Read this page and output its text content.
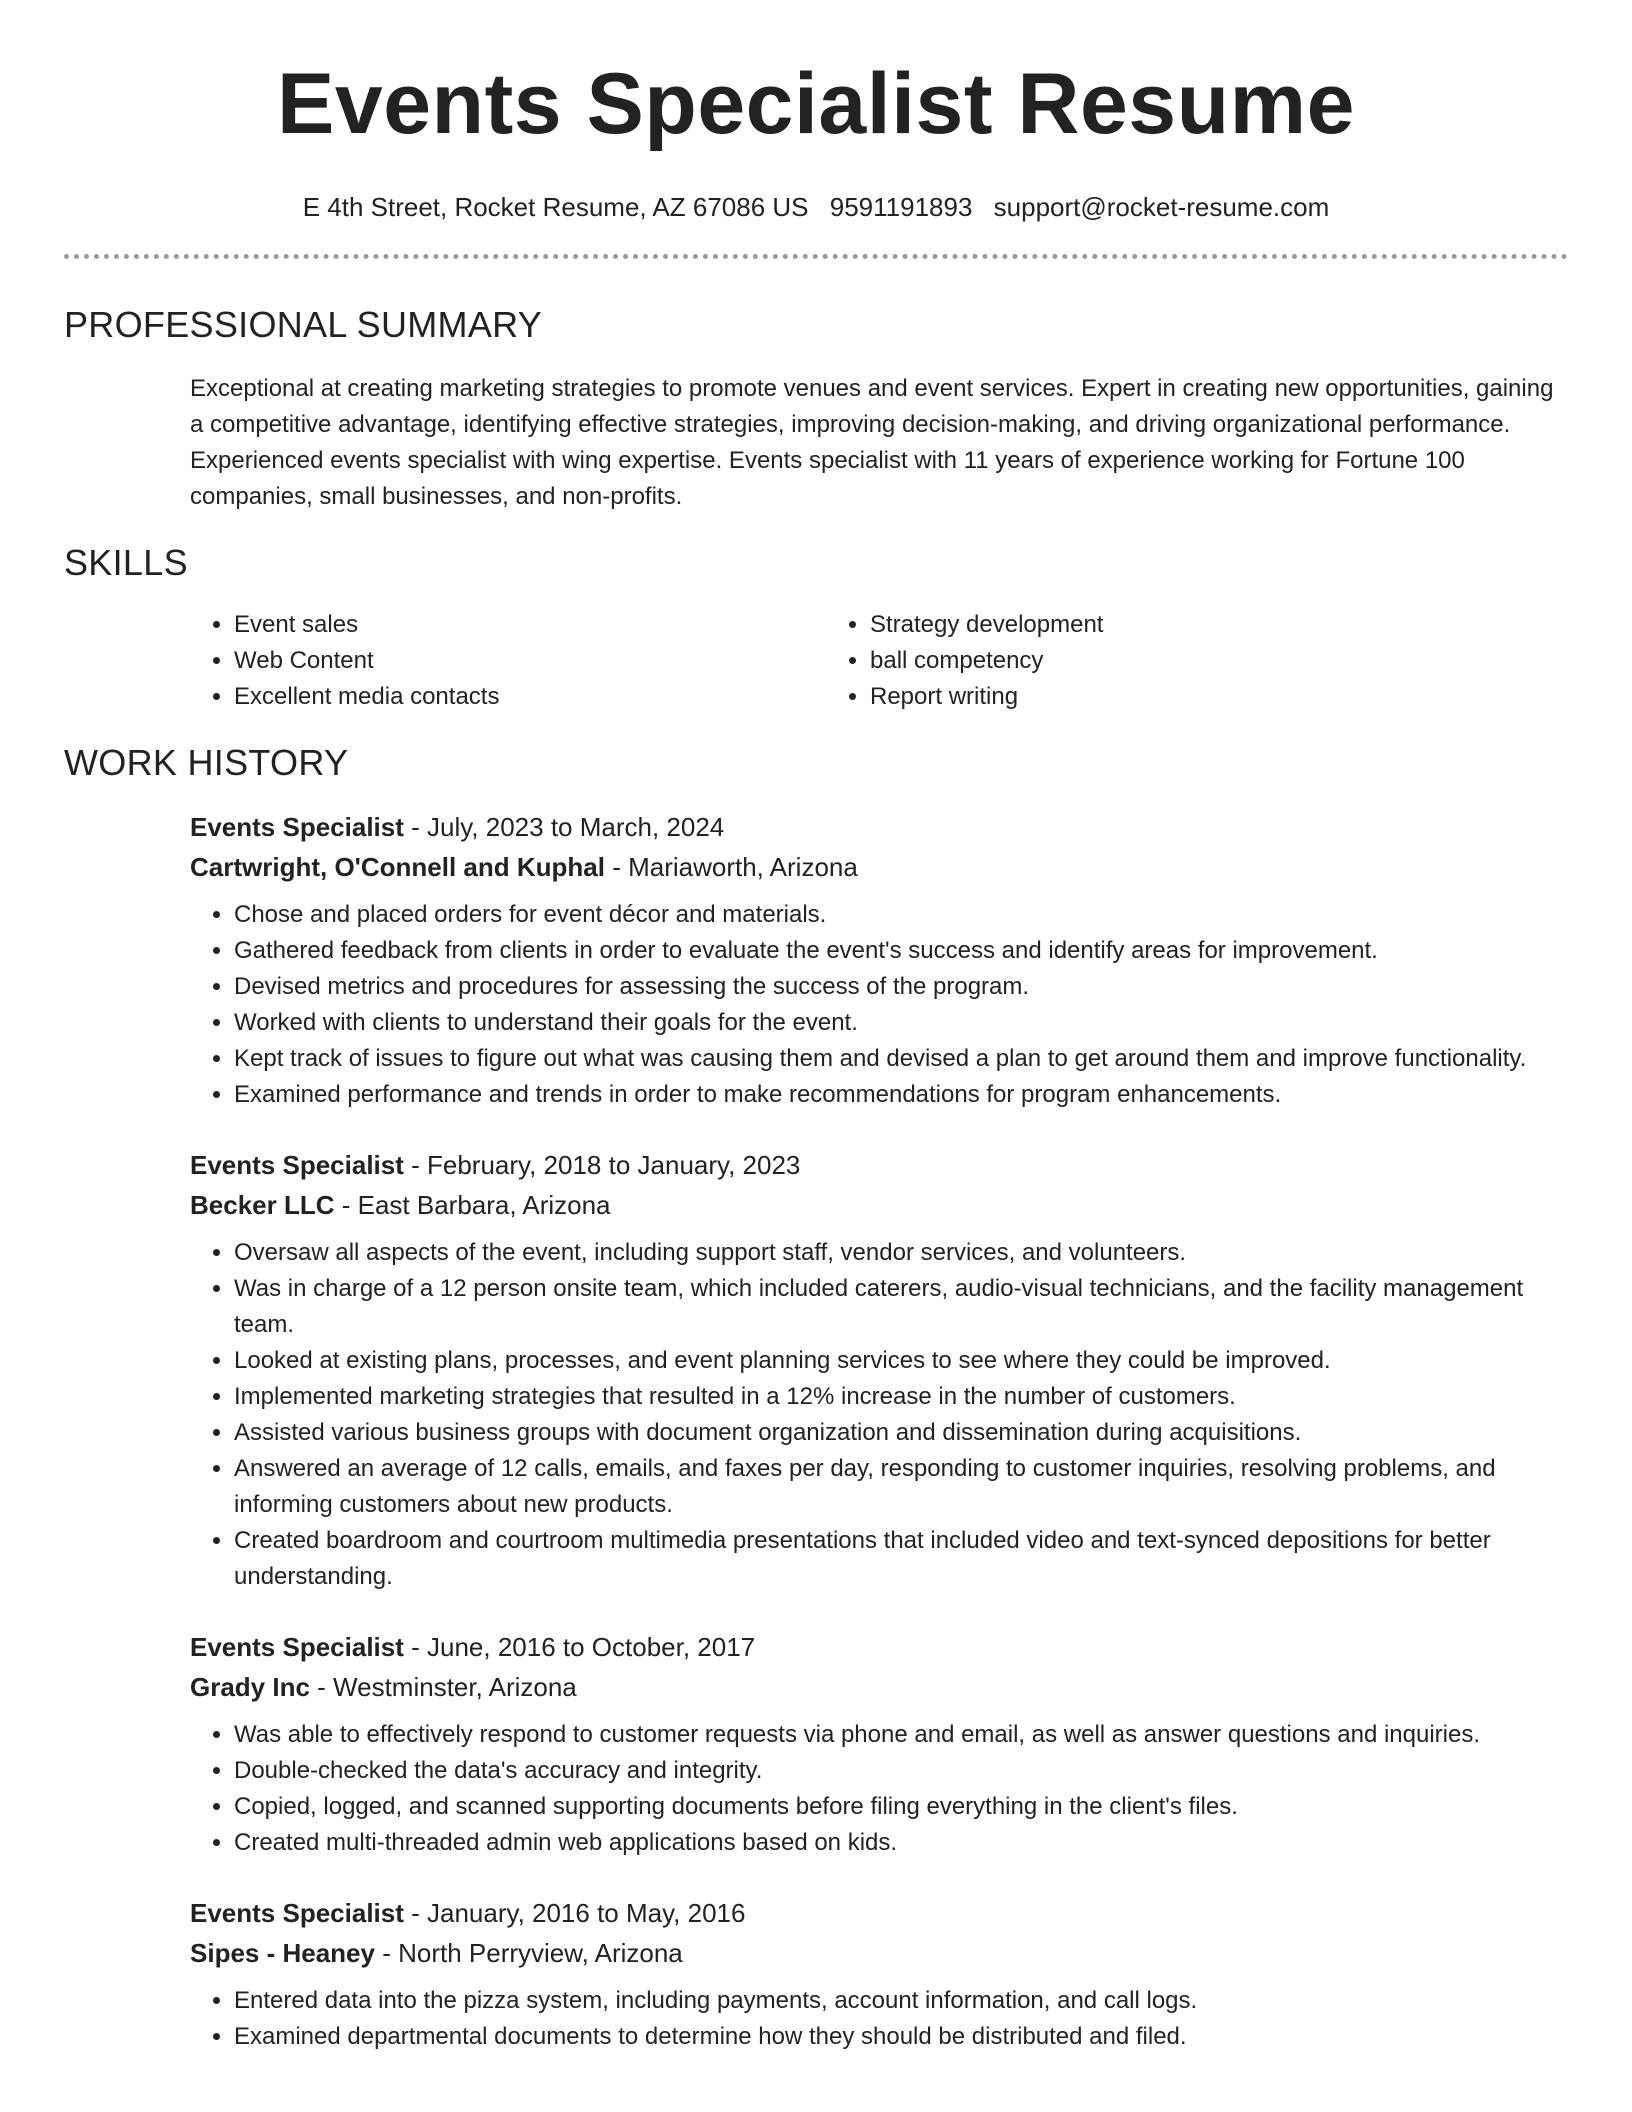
Events Specialist Resume
E 4th Street, Rocket Resume, AZ 67086 US 9591191893 support@rocket-resume.com
PROFESSIONAL SUMMARY

Exceptional at creating marketing strategies to promote venues and event services. Expert in creating new opportunities, gaining a competitive advantage, identifying effective strategies, improving decision-making, and driving organizational performance. Experienced events specialist with wing expertise. Events specialist with 11 years of experience working for Fortune 100 companies, small businesses, and non-profits.

SKILLS
• Event sales
• Web Content
• Excellent media contacts
• Strategy development
• ball competency
• Report writing
WORK HISTORY
Events Specialist - July, 2023 to March, 2024
Cartwright, O'Connell and Kuphal - Mariaworth, Arizona
• Chose and placed orders for event décor and materials.
• Gathered feedback from clients in order to evaluate the event's success and identify areas for improvement.
• Devised metrics and procedures for assessing the success of the program.
• Worked with clients to understand their goals for the event.
• Kept track of issues to figure out what was causing them and devised a plan to get around them and improve functionality.
• Examined performance and trends in order to make recommendations for program enhancements.
Events Specialist - February, 2018 to January, 2023
Becker LLC - East Barbara, Arizona
• Oversaw all aspects of the event, including support staff, vendor services, and volunteers.
• Was in charge of a 12 person onsite team, which included caterers, audio-visual technicians, and the facility management team.
• Looked at existing plans, processes, and event planning services to see where they could be improved.
• Implemented marketing strategies that resulted in a 12% increase in the number of customers.
• Assisted various business groups with document organization and dissemination during acquisitions.
• Answered an average of 12 calls, emails, and faxes per day, responding to customer inquiries, resolving problems, and informing customers about new products.
• Created boardroom and courtroom multimedia presentations that included video and text-synced depositions for better understanding.
Events Specialist - June, 2016 to October, 2017
Grady Inc - Westminster, Arizona
• Was able to effectively respond to customer requests via phone and email, as well as answer questions and inquiries.
• Double-checked the data's accuracy and integrity.
• Copied, logged, and scanned supporting documents before filing everything in the client's files.
• Created multi-threaded admin web applications based on kids.
Events Specialist - January, 2016 to May, 2016
Sipes - Heaney - North Perryview, Arizona
• Entered data into the pizza system, including payments, account information, and call logs.
• Examined departmental documents to determine how they should be distributed and filed.
